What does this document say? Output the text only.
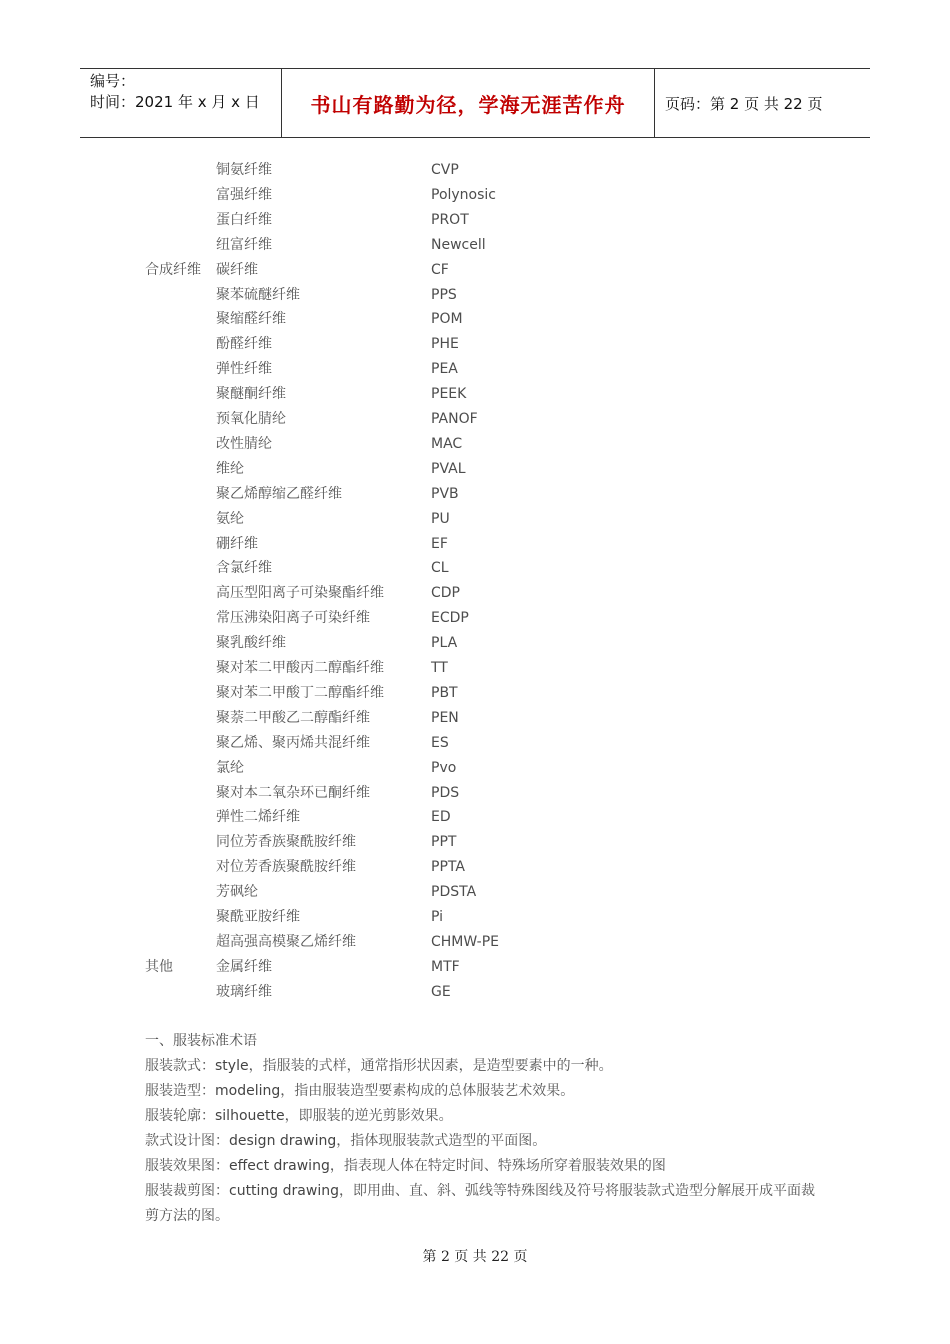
编号：
时间：2021 年 x 月 x 日	书山有路勤为径，学海无涯苦作舟	页码：第 2 页 共 22 页
铜氨纤维	CVP
富强纤维	Polynosic
蛋白纤维	PROT
纽富纤维	Newcell
合成纤维 碳纤维	CF
聚苯硫醚纤维	PPS
聚缩醛纤维	POM
酚醛纤维	PHE
弹性纤维	PEA
聚醚酮纤维	PEEK
预氧化腈纶	PANOF
改性腈纶	MAC
维纶	PVAL
聚乙烯醇缩乙醛纤维	PVB
氨纶	PU
硼纤维	EF
含氯纤维	CL
高压型阳离子可染聚酯纤维	CDP
常压沸染阳离子可染纤维	ECDP
聚乳酸纤维	PLA
聚对苯二甲酸丙二醇酯纤维	TT
聚对苯二甲酸丁二醇酯纤维	PBT
聚萘二甲酸乙二醇酯纤维	PEN
聚乙烯、聚丙烯共混纤维	ES
氯纶	Pvo
聚对本二氧杂环已酮纤维	PDS
弹性二烯纤维	ED
同位芳香族聚酰胺纤维	PPT
对位芳香族聚酰胺纤维	PPTA
芳砜纶	PDSTA
聚酰亚胺纤维	Pi
超高强高模聚乙烯纤维	CHMW-PE
其他	金属纤维	MTF
玻璃纤维	GE

一、服装标准术语

服装款式：style，指服装的式样，通常指形状因素，是造型要素中的一种。

服装造型：modeling，指由服装造型要素构成的总体服装艺术效果。

服装轮廓：silhouette，即服装的逆光剪影效果。

款式设计图：design drawing，指体现服装款式造型的平面图。

服装效果图：effect drawing，指表现人体在特定时间、特殊场所穿着服装效果的图

服装裁剪图：cutting drawing，即用曲、直、斜、弧线等特殊图线及符号将服装款式造型分解展开成平面裁剪方法的图。

第 2 页 共 22 页
